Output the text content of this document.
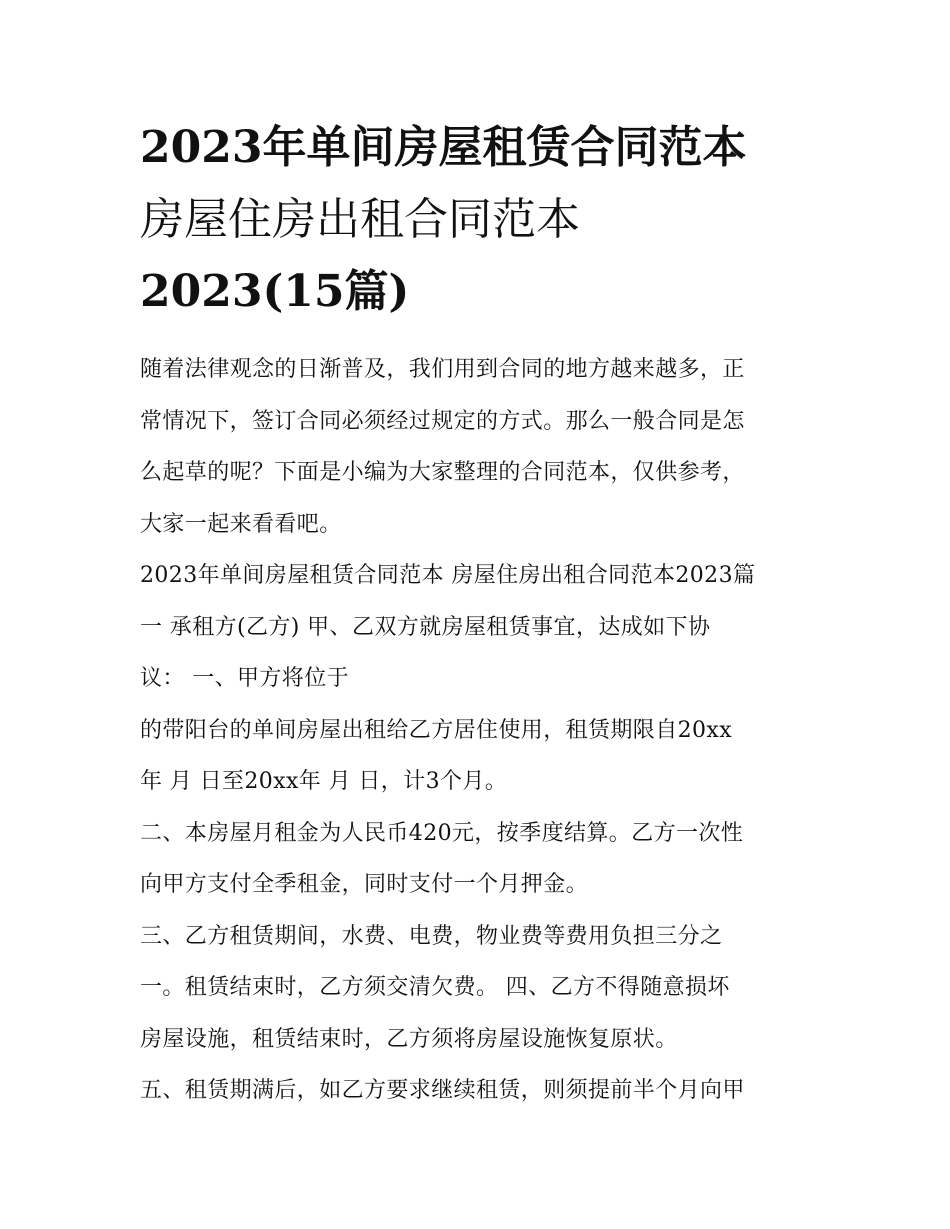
2023年单间房屋租赁合同范本
房屋住房出租合同范本
2023(15篇)
随着法律观念的日渐普及，我们用到合同的地方越来越多，正
常情况下，签订合同必须经过规定的方式。那么一般合同是怎
么起草的呢？下面是小编为大家整理的合同范本，仅供参考，
大家一起来看看吧。
2023年单间房屋租赁合同范本 房屋住房出租合同范本2023篇
一 承租方(乙方) 甲、乙双方就房屋租赁事宜，达成如下协
议： 一、甲方将位于
的带阳台的单间房屋出租给乙方居住使用，租赁期限自20xx
年 月 日至20xx年 月 日，计3个月。
二、本房屋月租金为人民币420元，按季度结算。乙方一次性
向甲方支付全季租金，同时支付一个月押金。
三、乙方租赁期间，水费、电费，物业费等费用负担三分之
一。租赁结束时，乙方须交清欠费。 四、乙方不得随意损坏
房屋设施，租赁结束时，乙方须将房屋设施恢复原状。
五、租赁期满后，如乙方要求继续租赁，则须提前半个月向甲
